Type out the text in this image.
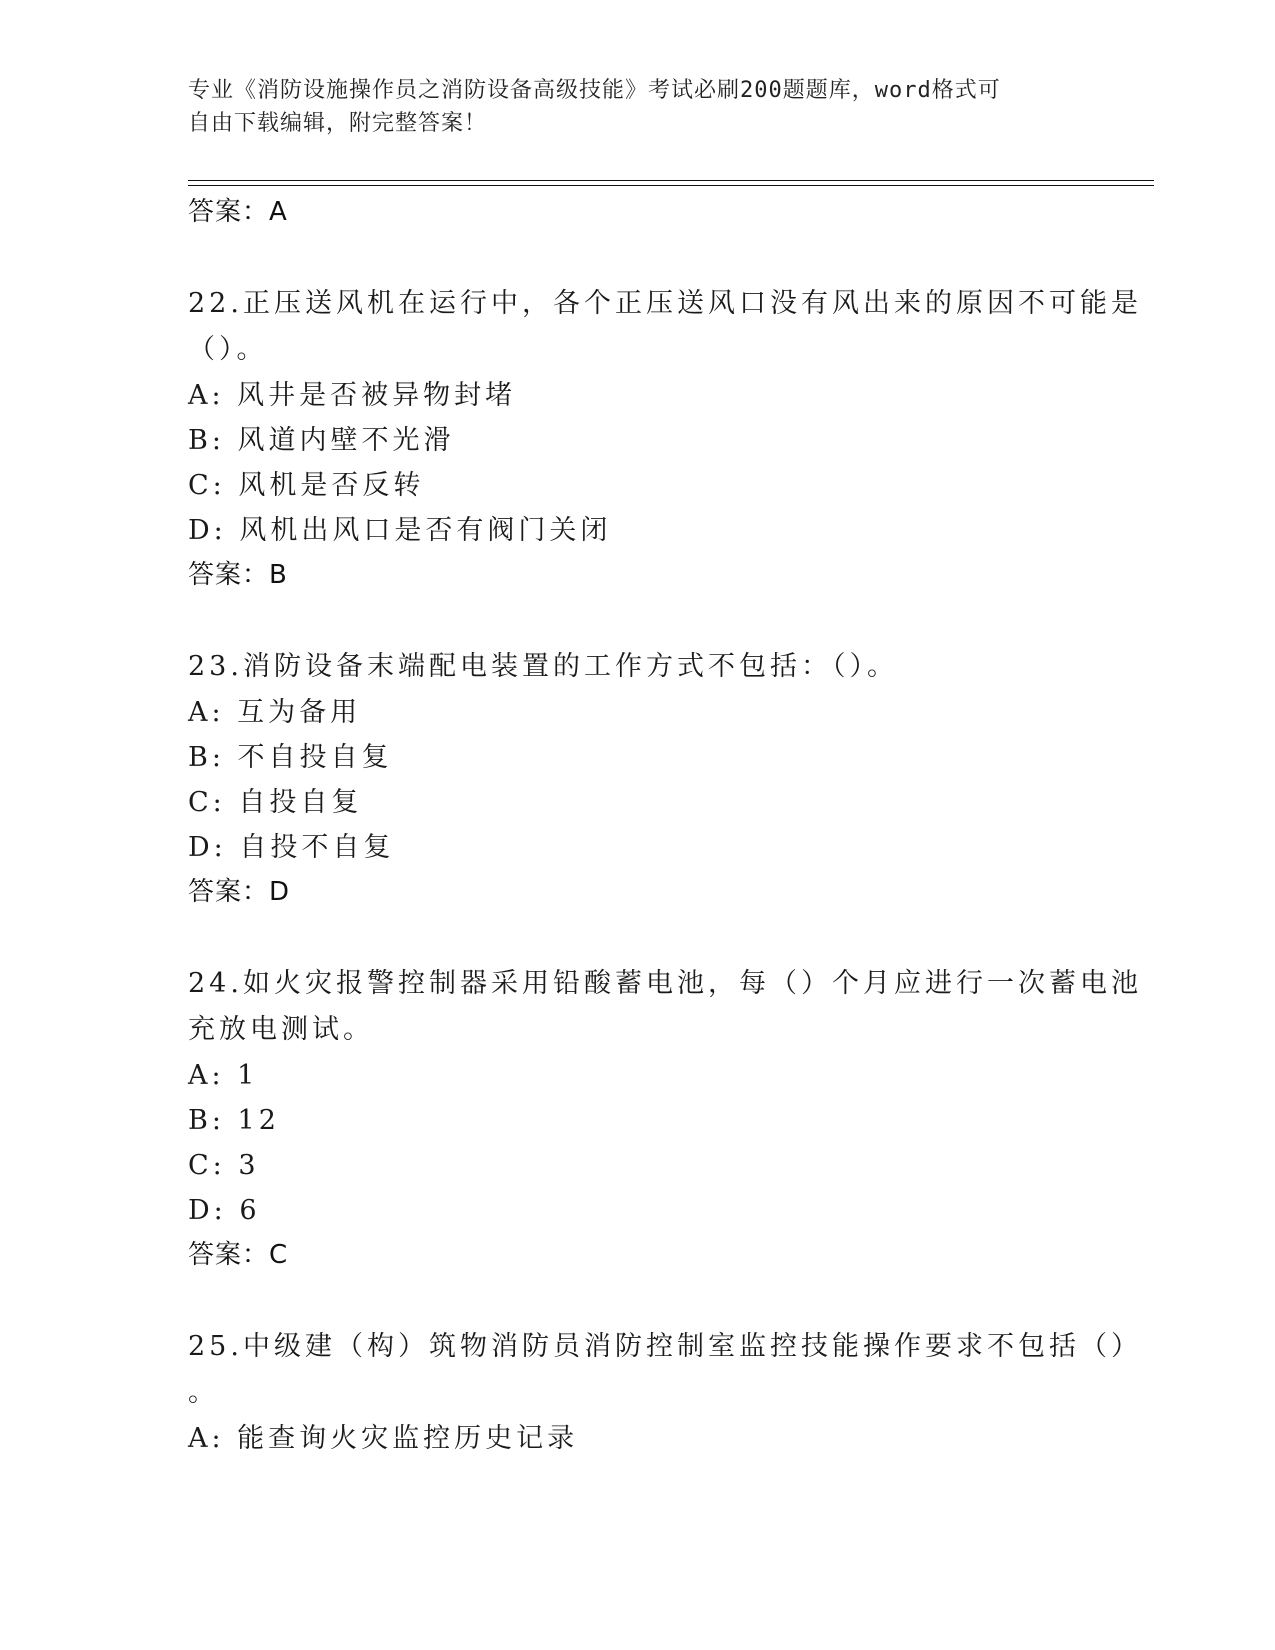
专业《消防设施操作员之消防设备高级技能》考试必刷200题题库，word格式可
自由下载编辑，附完整答案！
答案：A
22.正压送风机在运行中，各个正压送风口没有风出来的原因不可能是
（）。
A: 风井是否被异物封堵
B: 风道内壁不光滑
C: 风机是否反转
D: 风机出风口是否有阀门关闭
答案：B
23.消防设备末端配电装置的工作方式不包括：（）。
A: 互为备用
B: 不自投自复
C: 自投自复
D: 自投不自复
答案：D
24.如火灾报警控制器采用铅酸蓄电池，每（）个月应进行一次蓄电池
充放电测试。
A: 1
B: 12
C: 3
D: 6
答案：C
25.中级建（构）筑物消防员消防控制室监控技能操作要求不包括（）
。
A: 能查询火灾监控历史记录
